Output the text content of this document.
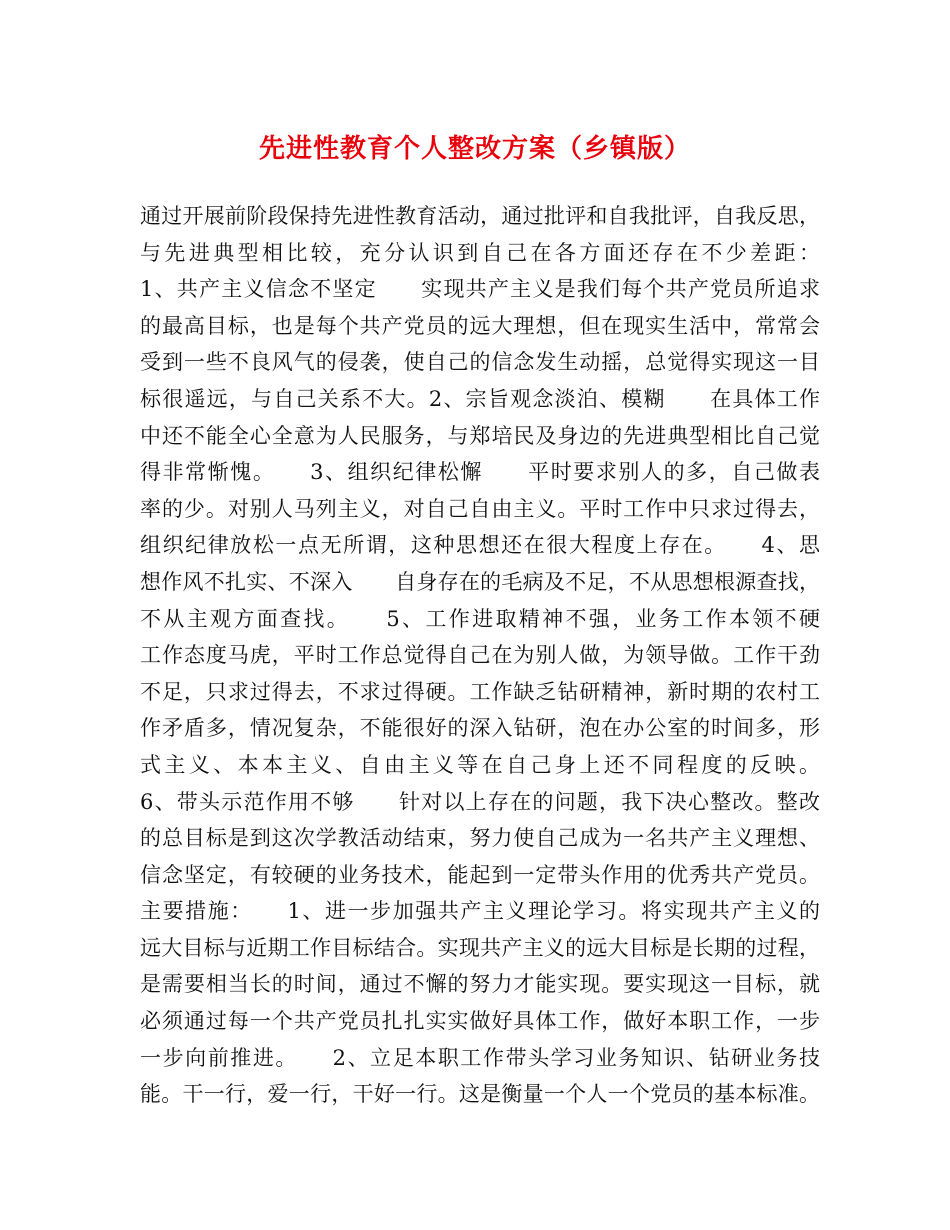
先进性教育个人整改方案（乡镇版）
通过开展前阶段保持先进性教育活动，通过批评和自我批评，自我反思，
与先进典型相比较，充分认识到自己在各方面还存在不少差距：
1、共产主义信念不坚定　　实现共产主义是我们每个共产党员所追求
的最高目标，也是每个共产党员的远大理想，但在现实生活中，常常会
受到一些不良风气的侵袭，使自己的信念发生动摇，总觉得实现这一目
标很遥远，与自己关系不大。2、宗旨观念淡泊、模糊　　在具体工作
中还不能全心全意为人民服务，与郑培民及身边的先进典型相比自己觉
得非常惭愧。　　3、组织纪律松懈　　平时要求别人的多，自己做表
率的少。对别人马列主义，对自己自由主义。平时工作中只求过得去，
组织纪律放松一点无所谓，这种思想还在很大程度上存在。　　4、思
想作风不扎实、不深入　　自身存在的毛病及不足，不从思想根源查找，
不从主观方面查找。　　5、工作进取精神不强，业务工作本领不硬
工作态度马虎，平时工作总觉得自己在为别人做，为领导做。工作干劲
不足，只求过得去，不求过得硬。工作缺乏钻研精神，新时期的农村工
作矛盾多，情况复杂，不能很好的深入钻研，泡在办公室的时间多，形
式主义、本本主义、自由主义等在自己身上还不同程度的反映。
6、带头示范作用不够　　针对以上存在的问题，我下决心整改。整改
的总目标是到这次学教活动结束，努力使自己成为一名共产主义理想、
信念坚定，有较硬的业务技术，能起到一定带头作用的优秀共产党员。
主要措施：　　1、进一步加强共产主义理论学习。将实现共产主义的
远大目标与近期工作目标结合。实现共产主义的远大目标是长期的过程，
是需要相当长的时间，通过不懈的努力才能实现。要实现这一目标，就
必须通过每一个共产党员扎扎实实做好具体工作，做好本职工作，一步
一步向前推进。　　2、立足本职工作带头学习业务知识、钻研业务技
能。干一行，爱一行，干好一行。这是衡量一个人一个党员的基本标准。
